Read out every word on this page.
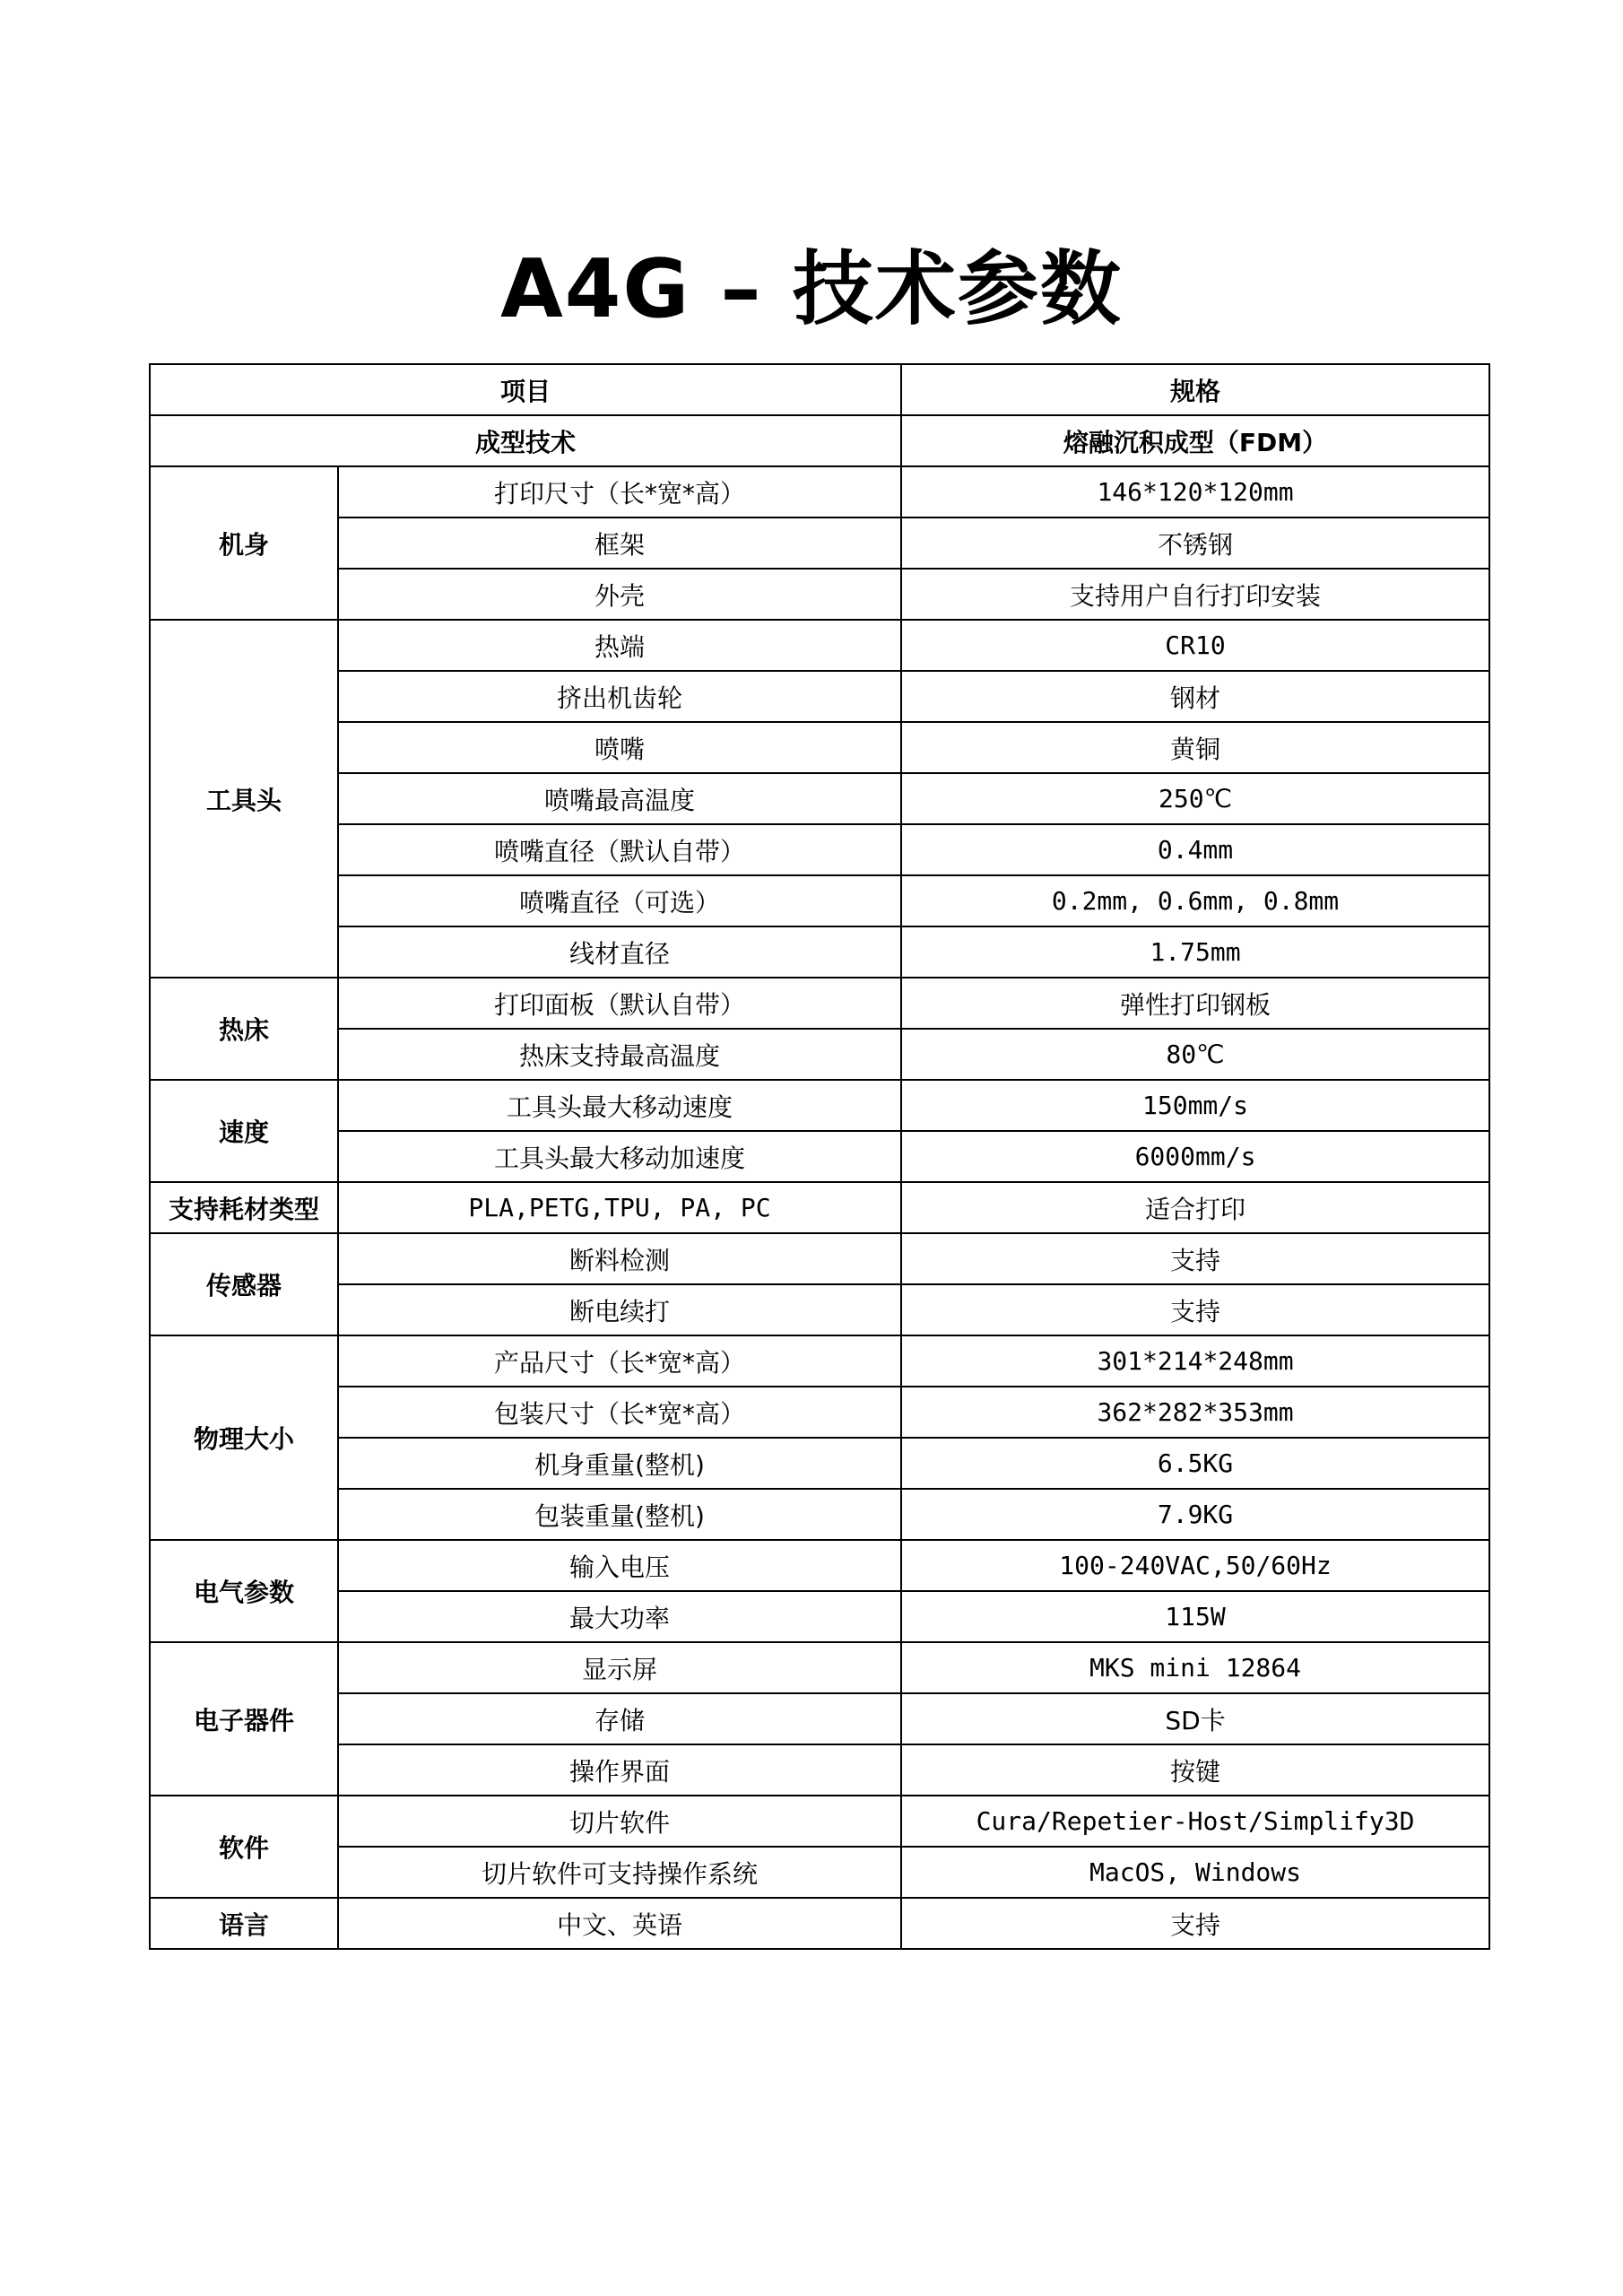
A4G – 技术参数
项目		规格
成型技术		熔融沉积成型（FDM）
机身	打印尺寸（长*宽*高）	146*120*120mm
	框架	不锈钢
	外壳	支持用户自行打印安装
工具头	热端	CR10
	挤出机齿轮	钢材
	喷嘴	黄铜
	喷嘴最高温度	250℃
	喷嘴直径（默认自带）	0.4mm
	喷嘴直径（可选）	0.2mm, 0.6mm, 0.8mm
	线材直径	1.75mm
热床	打印面板（默认自带）	弹性打印钢板
	热床支持最高温度	80℃
速度	工具头最大移动速度	150mm/s
	工具头最大移动加速度	6000mm/s
支持耗材类型	PLA,PETG,TPU, PA, PC	适合打印
传感器	断料检测	支持
	断电续打	支持
物理大小	产品尺寸（长*宽*高）	301*214*248mm
	包装尺寸（长*宽*高）	362*282*353mm
	机身重量(整机)	6.5KG
	包装重量(整机)	7.9KG
电气参数	输入电压	100-240VAC,50/60Hz
	最大功率	115W
电子器件	显示屏	MKS mini 12864
	存储	SD卡
	操作界面	按键
软件	切片软件	Cura/Repetier-Host/Simplify3D
	切片软件可支持操作系统	MacOS, Windows
语言	中文、英语	支持
